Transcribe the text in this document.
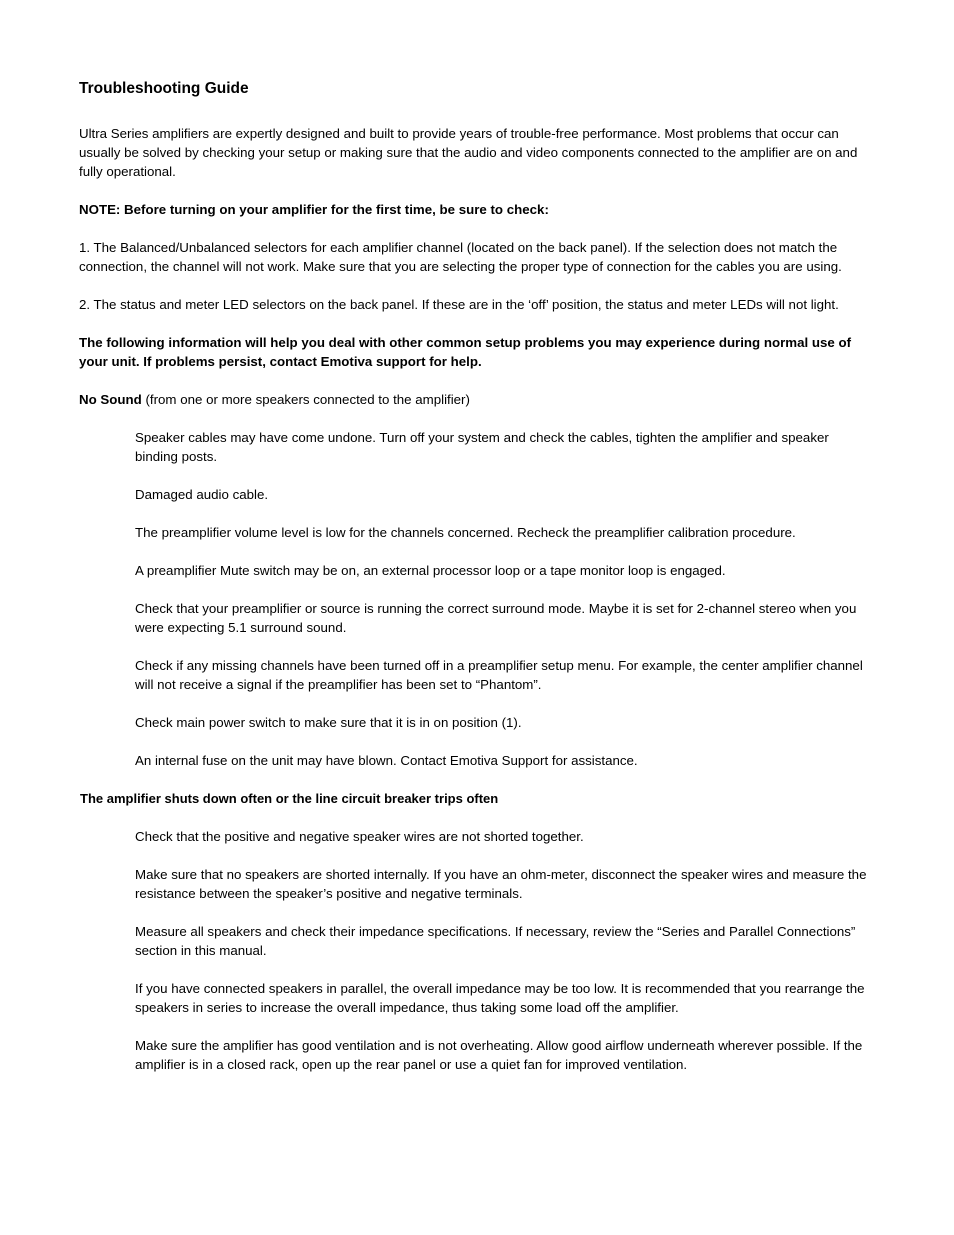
Troubleshooting Guide

Ultra Series amplifiers are expertly designed and built to provide years of trouble-free performance. Most problems that occur can usually be solved by checking your setup or making sure that the audio and video components connected to the amplifier are on and fully operational.

NOTE: Before turning on your amplifier for the first time, be sure to check:

1. The Balanced/Unbalanced selectors for each amplifier channel (located on the back panel). If the selection does not match the connection, the channel will not work. Make sure that you are selecting the proper type of connection for the cables you are using.

2. The status and meter LED selectors on the back panel. If these are in the ‘off’ position, the status and meter LEDs will not light.

The following information will help you deal with other common setup problems you may experience during normal use of your unit. If problems persist, contact Emotiva support for help.

No Sound (from one or more speakers connected to the amplifier)
Speaker cables may have come undone. Turn off your system and check the cables, tighten the amplifier and speaker binding posts.
Damaged audio cable.
The preamplifier volume level is low for the channels concerned. Recheck the preamplifier calibration procedure.
A preamplifier Mute switch may be on, an external processor loop or a tape monitor loop is engaged.
Check that your preamplifier or source is running the correct surround mode. Maybe it is set for 2-channel stereo when you were expecting 5.1 surround sound.
Check if any missing channels have been turned off in a preamplifier setup menu. For example, the center amplifier channel will not receive a signal if the preamplifier has been set to “Phantom”.
Check main power switch to make sure that it is in on position (1).
An internal fuse on the unit may have blown. Contact Emotiva Support for assistance.
The amplifier shuts down often or the line circuit breaker trips often
Check that the positive and negative speaker wires are not shorted together.
Make sure that no speakers are shorted internally. If you have an ohm-meter, disconnect the speaker wires and measure the resistance between the speaker’s positive and negative terminals.
Measure all speakers and check their impedance specifications. If necessary, review the “Series and Parallel Connections” section in this manual.
If you have connected speakers in parallel, the overall impedance may be too low. It is recommended that you rearrange the speakers in series to increase the overall impedance, thus taking some load off the amplifier.
Make sure the amplifier has good ventilation and is not overheating. Allow good airflow underneath wherever possible. If the amplifier is in a closed rack, open up the rear panel or use a quiet fan for improved ventilation.
